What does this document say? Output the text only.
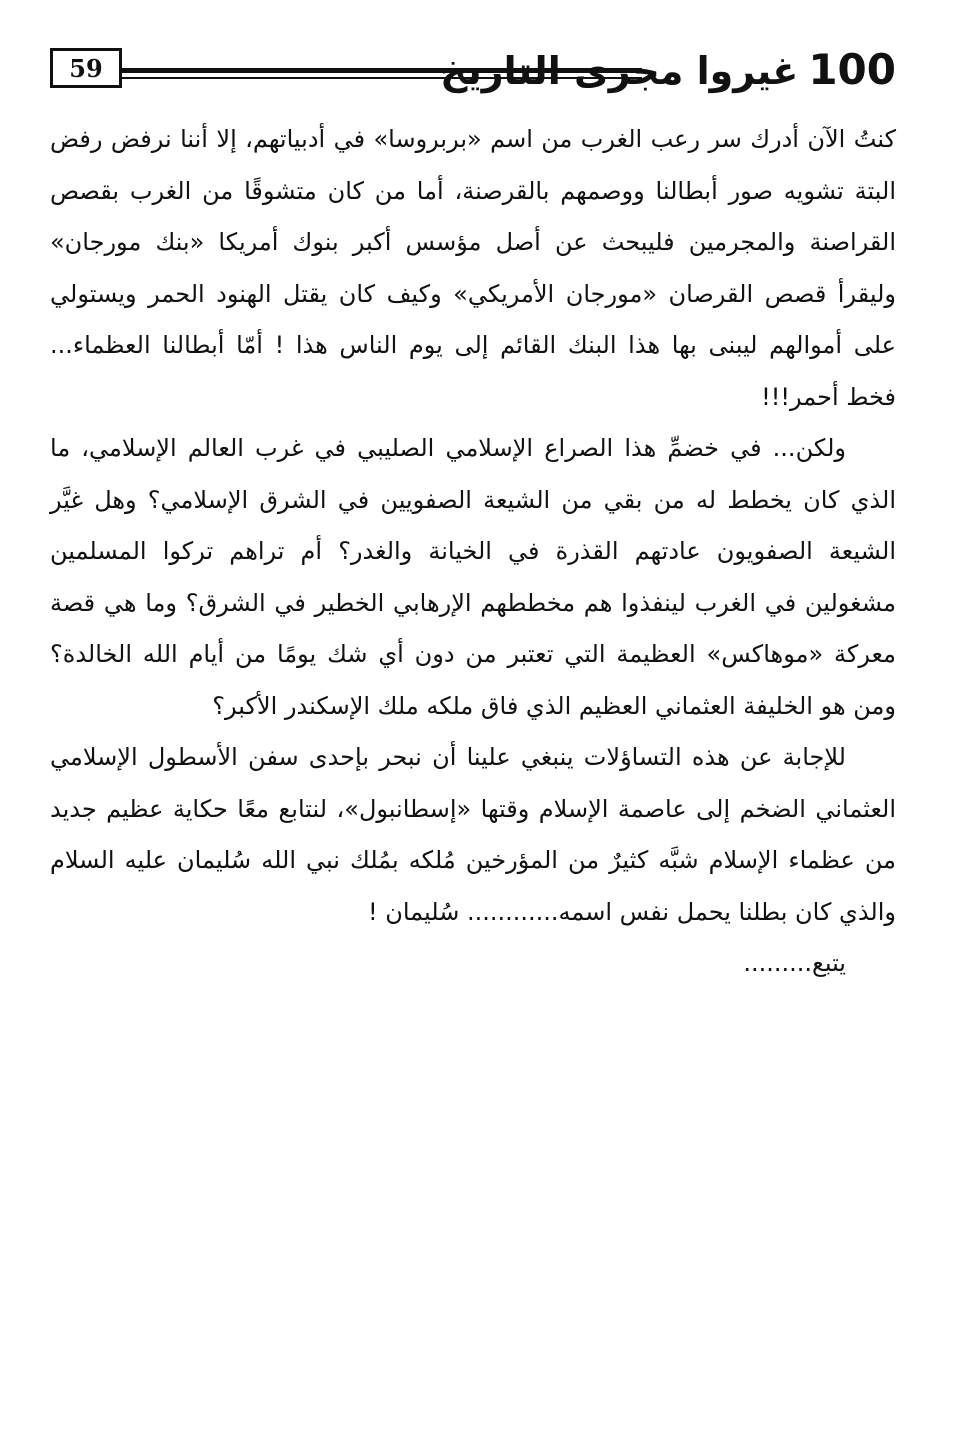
59	100غيروا مجرى التاريخ

كنتُ الآن أدرك سر رعب الغرب من اسم «بربروسا» في أدبياتهم، إلا أننا نرفض رفض البتة تشويه صور أبطالنا ووصمهم بالقرصنة، أما من كان متشوقًا من الغرب بقصص القراصنة والمجرمين فليبحث عن أصل مؤسس أكبر بنوك أمريكا «بنك مورجان» وليقرأ قصص القرصان «مورجان الأمريكي» وكيف كان يقتل الهنود الحمر ويستولي على أموالهم ليبنى بها هذا البنك القائم إلى يوم الناس هذا ! أمّا أبطالنا العظماء... فخط أحمر!!!

ولكن... في خضمِّ هذا الصراع الإسلامي الصليبي في غرب العالم الإسلامي، ما الذي كان يخطط له من بقي من الشيعة الصفويين في الشرق الإسلامي؟ وهل غيَّر الشيعة الصفويون عادتهم القذرة في الخيانة والغدر؟ أم تراهم تركوا المسلمين مشغولين في الغرب لينفذوا هم مخططهم الإرهابي الخطير في الشرق؟ وما هي قصة معركة «موهاكس» العظيمة التي تعتبر من دون أي شك يومًا من أيام الله الخالدة؟ ومن هو الخليفة العثماني العظيم الذي فاق ملكه ملك الإسكندر الأكبر؟

للإجابة عن هذه التساؤلات ينبغي علينا أن نبحر بإحدى سفن الأسطول الإسلامي العثماني الضخم إلى عاصمة الإسلام وقتها «إسطانبول»، لنتابع معًا حكاية عظيم جديد من عظماء الإسلام شبَّه كثيرٌ من المؤرخين مُلكه بمُلك نبي الله سُليمان عليه السلام والذي كان بطلنا يحمل نفس اسمه............ سُليمان !

يتبع.........
